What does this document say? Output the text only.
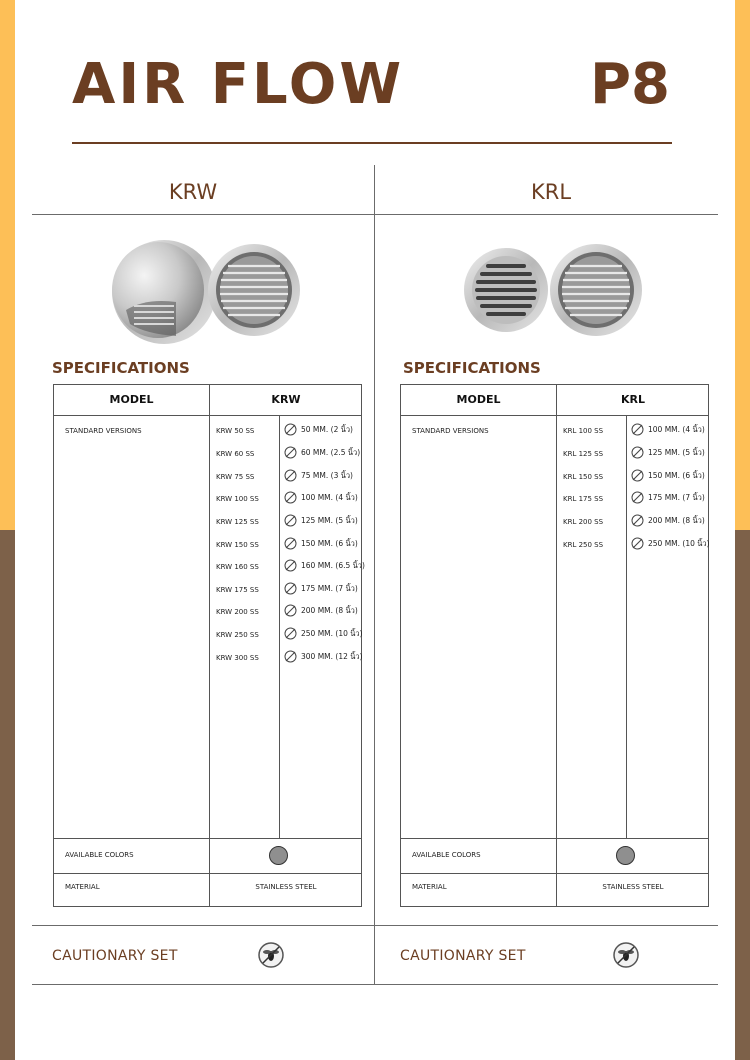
AIR FLOW	P8
KRW	KRL
SPECIFICATIONS	SPECIFICATIONS
MODEL	KRW
STANDARD VERSIONS	KRW 50 SS	50 MM. (2 นิ้ว)
KRW 60 SS	60 MM. (2.5 นิ้ว)
KRW 75 SS	75 MM. (3 นิ้ว)
KRW 100 SS	100 MM. (4 นิ้ว)
KRW 125 SS	125 MM. (5 นิ้ว)
KRW 150 SS	150 MM. (6 นิ้ว)
KRW 160 SS	160 MM. (6.5 นิ้ว)
KRW 175 SS	175 MM. (7 นิ้ว)
KRW 200 SS	200 MM. (8 นิ้ว)
KRW 250 SS	250 MM. (10 นิ้ว)
KRW 300 SS	300 MM. (12 นิ้ว)
AVAILABLE COLORS
MATERIAL	STAINLESS STEEL
MODEL	KRL
STANDARD VERSIONS	KRL 100 SS	100 MM. (4 นิ้ว)
KRL 125 SS	125 MM. (5 นิ้ว)
KRL 150 SS	150 MM. (6 นิ้ว)
KRL 175 SS	175 MM. (7 นิ้ว)
KRL 200 SS	200 MM. (8 นิ้ว)
KRL 250 SS	250 MM. (10 นิ้ว)
AVAILABLE COLORS
MATERIAL	STAINLESS STEEL
CAUTIONARY SET	CAUTIONARY SET
